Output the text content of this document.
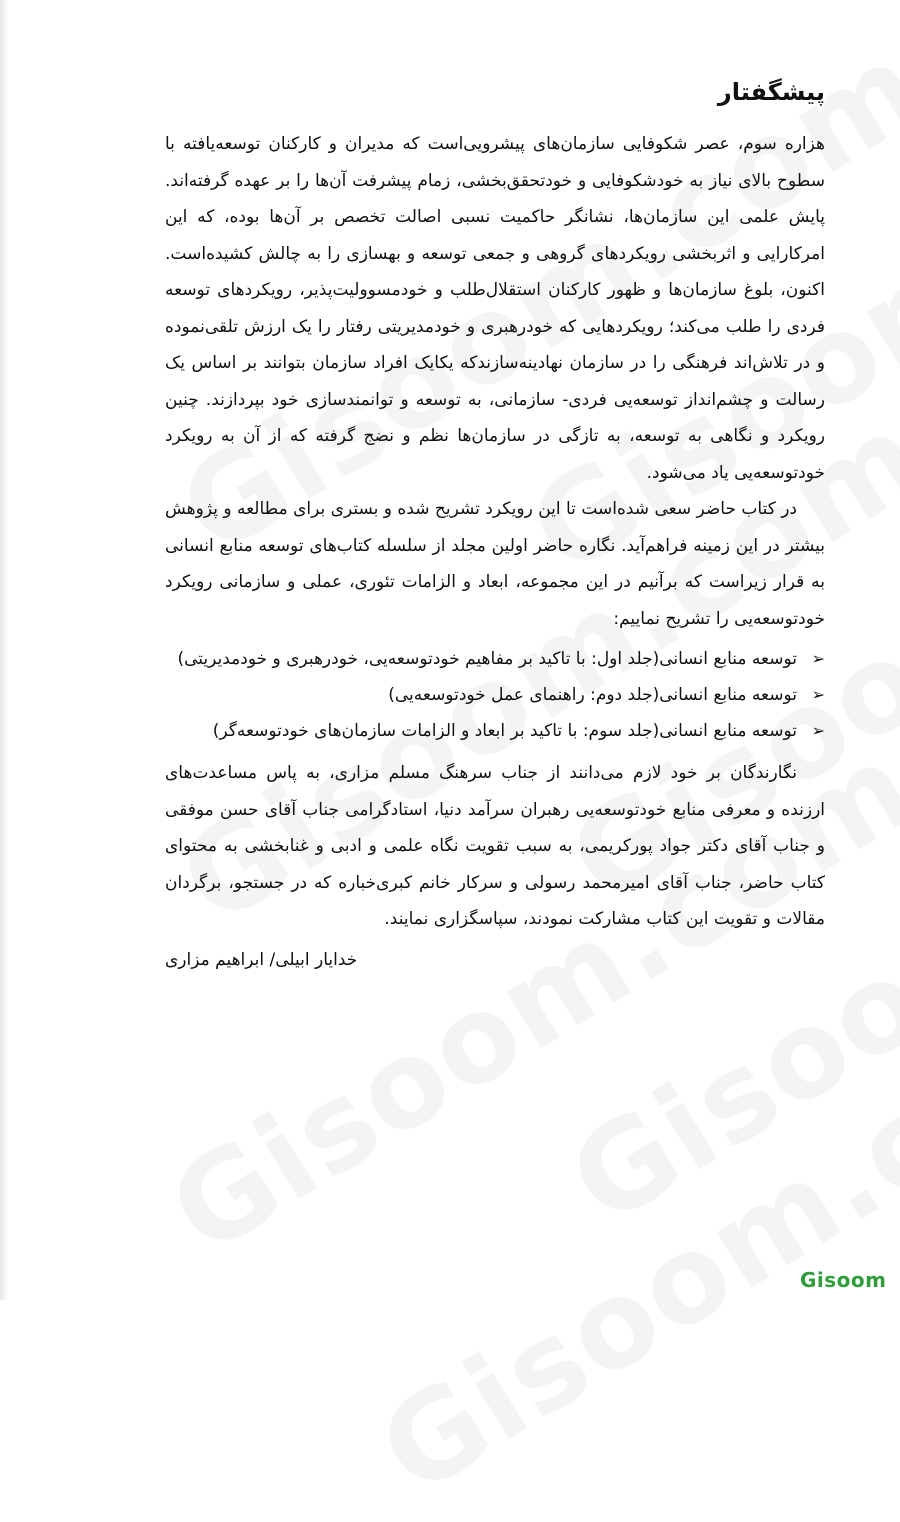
پیشگفتار

هزاره سوم، عصر شکوفایی سازمان‌های پیشرویی‌است که مدیران و کارکنان توسعه‌یافته با سطوح بالای نیاز به خودشکوفایی و خودتحقق‌بخشی، زمام پیشرفت آن‌ها را بر عهده گرفته‌اند. پایش علمی این سازمان‌ها، نشانگر حاکمیت نسبی اصالت تخصص بر آن‌ها بوده، که این امرکارایی و اثربخشی رویکردهای گروهی و جمعی توسعه و بهسازی را به چالش کشیده‌است. اکنون، بلوغ سازمان‌ها و ظهور کارکنان استقلال‌طلب و خودمسوولیت‌پذیر، رویکردهای توسعه فردی را طلب می‌کند؛ رویکردهایی که خودرهبری و خودمدیریتی رفتار را یک ارزش تلقی‌نموده و در تلاش‌اند فرهنگی را در سازمان نهادینه‌سازندکه یکایک افراد سازمان بتوانند بر اساس یک رسالت و چشم‌انداز توسعه‌یی فردی- سازمانی، به توسعه و توانمندسازی خود بپردازند. چنین رویکرد و نگاهی به توسعه، به تازگی در سازمان‌ها نظم و نضج گرفته که از آن به رویکرد خودتوسعه‌یی یاد می‌شود.

در کتاب حاضر سعی شده‌است تا این رویکرد تشریح شده و بستری برای مطالعه و پژوهش بیشتر در این زمینه فراهم‌آید. نگاره حاضر اولین مجلد از سلسله کتاب‌های توسعه منابع انسانی به قرار زیراست که برآنیم در این مجموعه، ابعاد و الزامات تئوری، عملی و سازمانی رویکرد خودتوسعه‌یی را تشریح نماییم:

➢
توسعه منابع انسانی(جلد اول: با تاکید بر مفاهیم خودتوسعه‌یی، خودرهبری و خودمدیریتی)
➢
توسعه منابع انسانی(جلد دوم: راهنمای عمل خودتوسعه‌یی)
➢
توسعه منابع انسانی(جلد سوم: با تاکید بر ابعاد و الزامات سازمان‌های خودتوسعه‌گر)

نگارندگان بر خود لازم می‌دانند از جناب سرهنگ مسلم مزاری، به پاس مساعدت‌های ارزنده و معرفی منابع خودتوسعه‌یی رهبران سرآمد دنیا، استادگرامی جناب آقای حسن موفقی و جناب آقای دکتر جواد پورکریمی، به سبب تقویت نگاه علمی و ادبی و غنابخشی به محتوای کتاب حاضر، جناب آقای امیرمحمد رسولی و سرکار خانم کبری‌خباره که در جستجو، برگردان مقالات و تقویت این کتاب مشارکت نمودند، سپاسگزاری نمایند.

خدایار ابیلی/ ابراهیم مزاری
Gisoom
